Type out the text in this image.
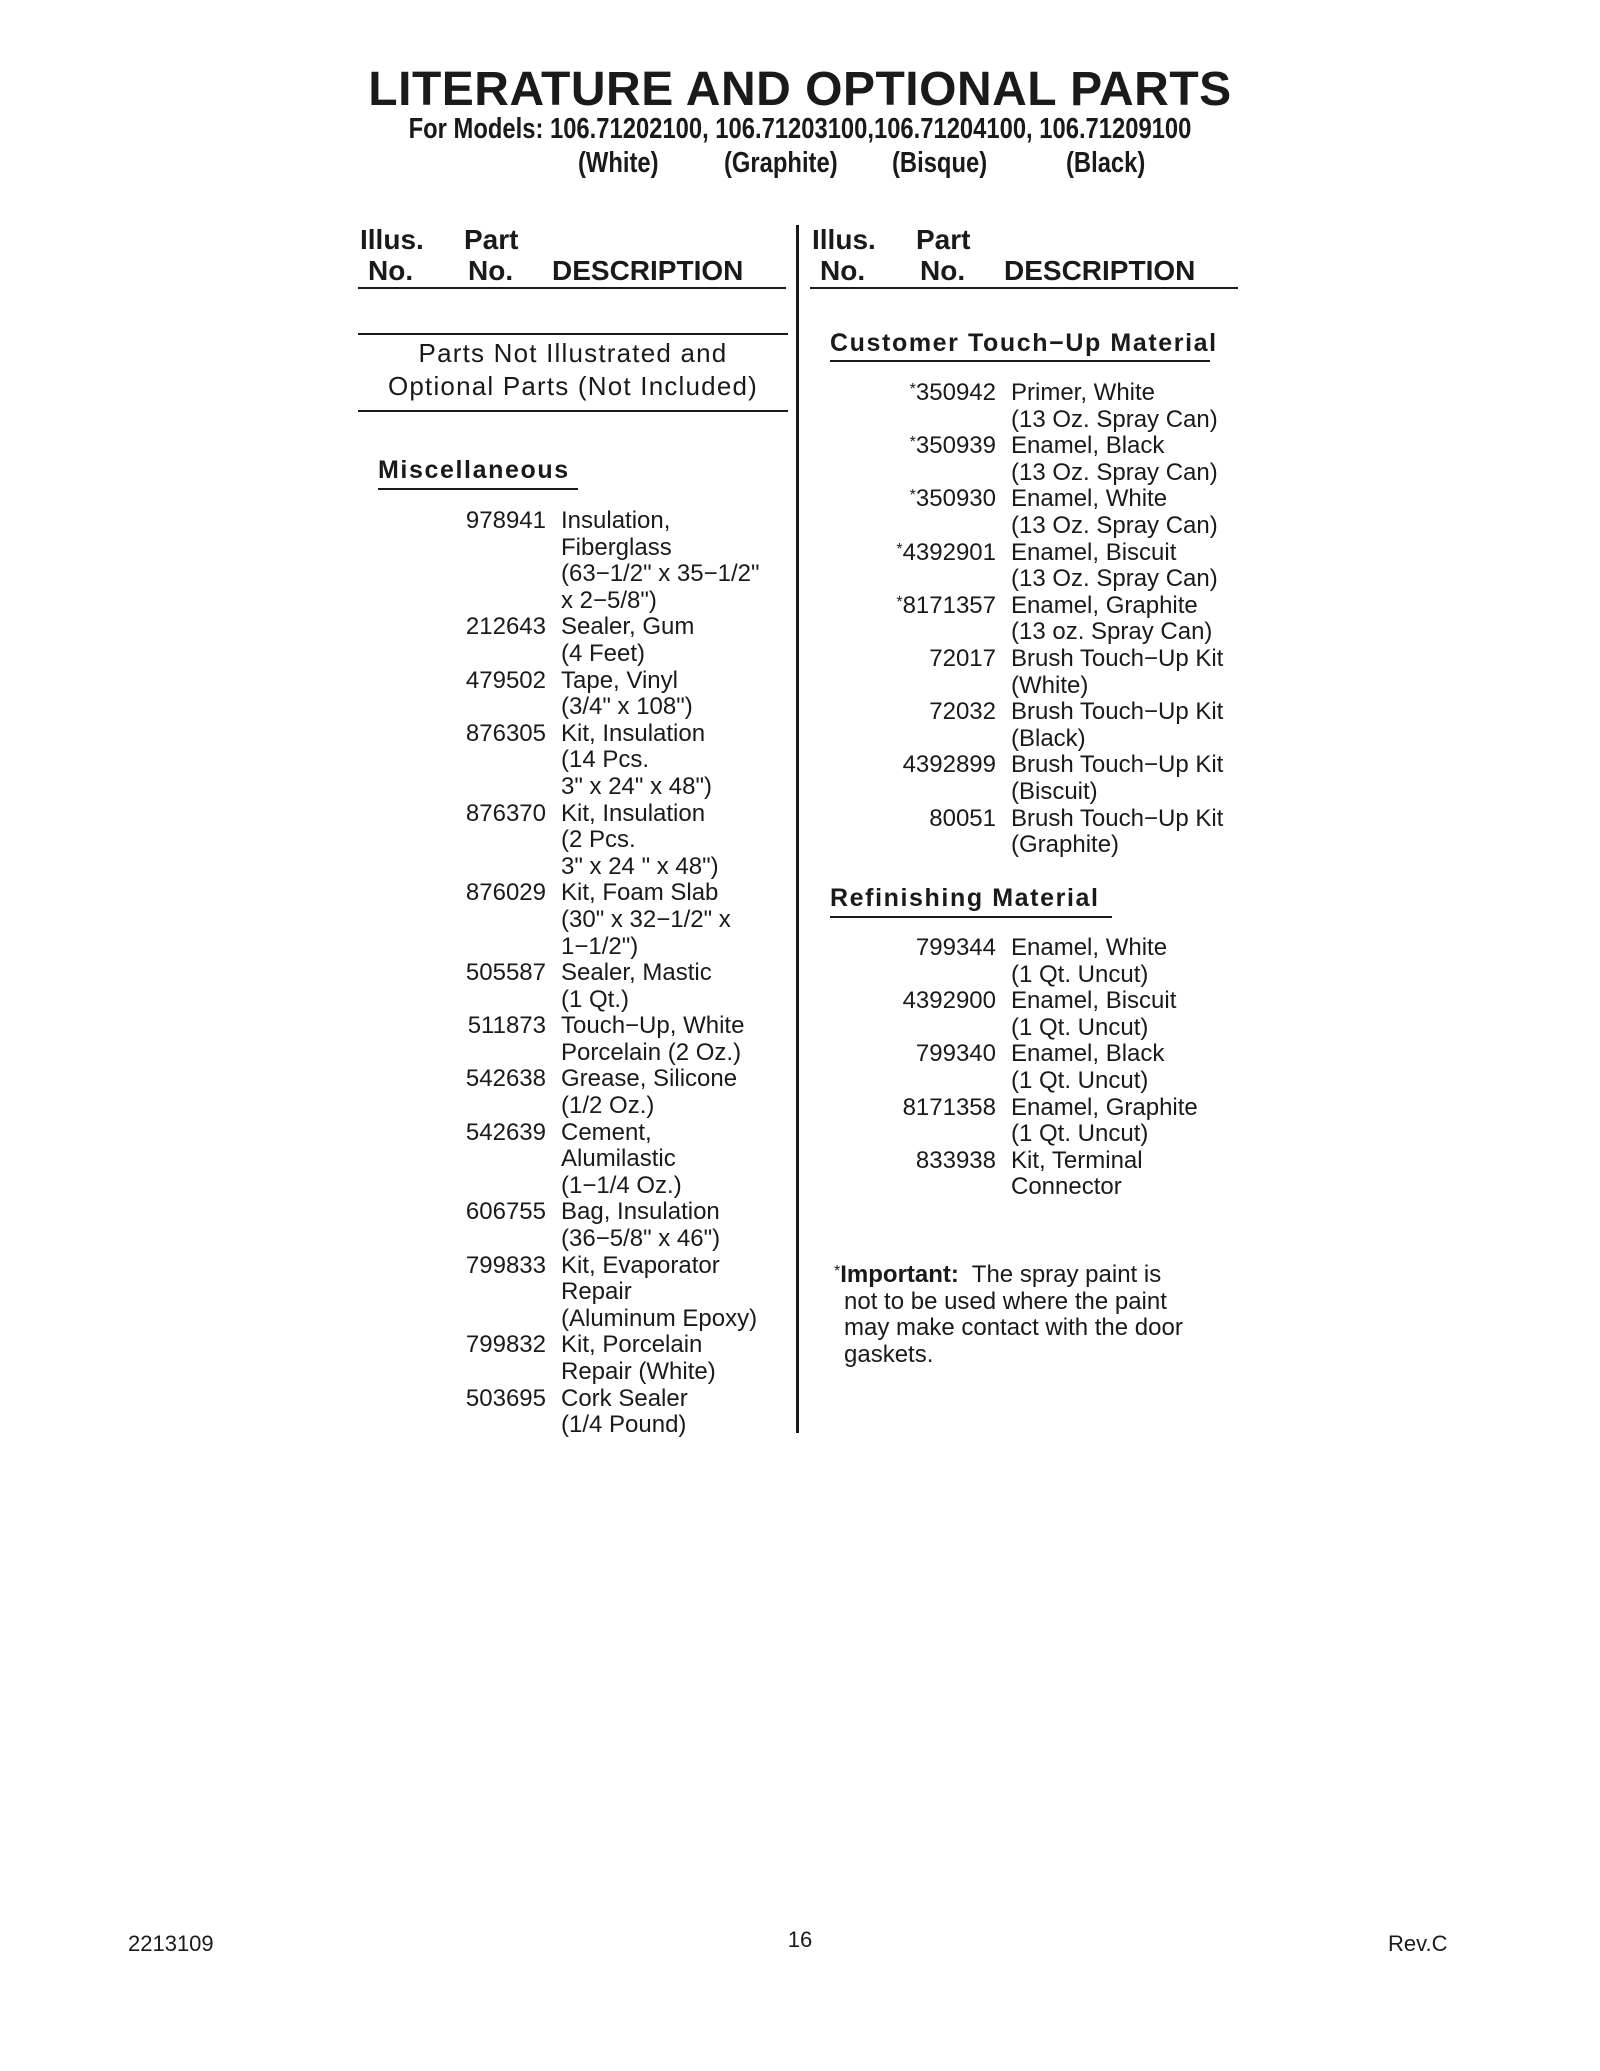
LITERATURE AND OPTIONAL PARTS
For Models: 106.71202100, 106.71203100,106.71204100, 106.71209100
(White) (Graphite) (Bisque)	(Black)
Illus.
No.
Part
No. DESCRIPTION
Illus.
No.
Part
No. DESCRIPTION
Parts Not Illustrated and
Optional Parts (Not Included)
Miscellaneous
978941 Insulation,
Fiberglass
(63−1/2" x 35−1/2"
x 2−5/8")
212643 Sealer, Gum
(4 Feet)
479502 Tape, Vinyl
(3/4" x 108")
876305 Kit, Insulation
(14 Pcs.
3" x 24" x 48")
876370 Kit, Insulation
(2 Pcs.
3" x 24 " x 48")
876029 Kit, Foam Slab
(30" x 32−1/2" x
1−1/2")
505587 Sealer, Mastic
(1 Qt.)
511873 Touch−Up, White
Porcelain (2 Oz.)
542638 Grease, Silicone
(1/2 Oz.)
542639 Cement,
Alumilastic
(1−1/4 Oz.)
606755 Bag, Insulation
(36−5/8" x 46")
799833 Kit, Evaporator
Repair
(Aluminum Epoxy)
799832 Kit, Porcelain
Repair (White)
503695 Cork Sealer
(1/4 Pound)
Customer Touch−Up Material
*350942 Primer, White
(13 Oz. Spray Can)
*350939 Enamel, Black
(13 Oz. Spray Can)
*350930 Enamel, White
(13 Oz. Spray Can)
*4392901 Enamel, Biscuit
(13 Oz. Spray Can)
*8171357 Enamel, Graphite
(13 oz. Spray Can)
72017 Brush Touch−Up Kit
(White)
72032 Brush Touch−Up Kit
(Black)
4392899 Brush Touch−Up Kit
(Biscuit)
80051 Brush Touch−Up Kit
(Graphite)
Refinishing Material
799344 Enamel, White
(1 Qt. Uncut)
4392900 Enamel, Biscuit
(1 Qt. Uncut)
799340 Enamel, Black
(1 Qt. Uncut)
8171358 Enamel, Graphite
(1 Qt. Uncut)
833938 Kit, Terminal
Connector
*Important: The spray paint is
not to be used where the paint
may make contact with the door
gaskets.
2213109	16	Rev.C
